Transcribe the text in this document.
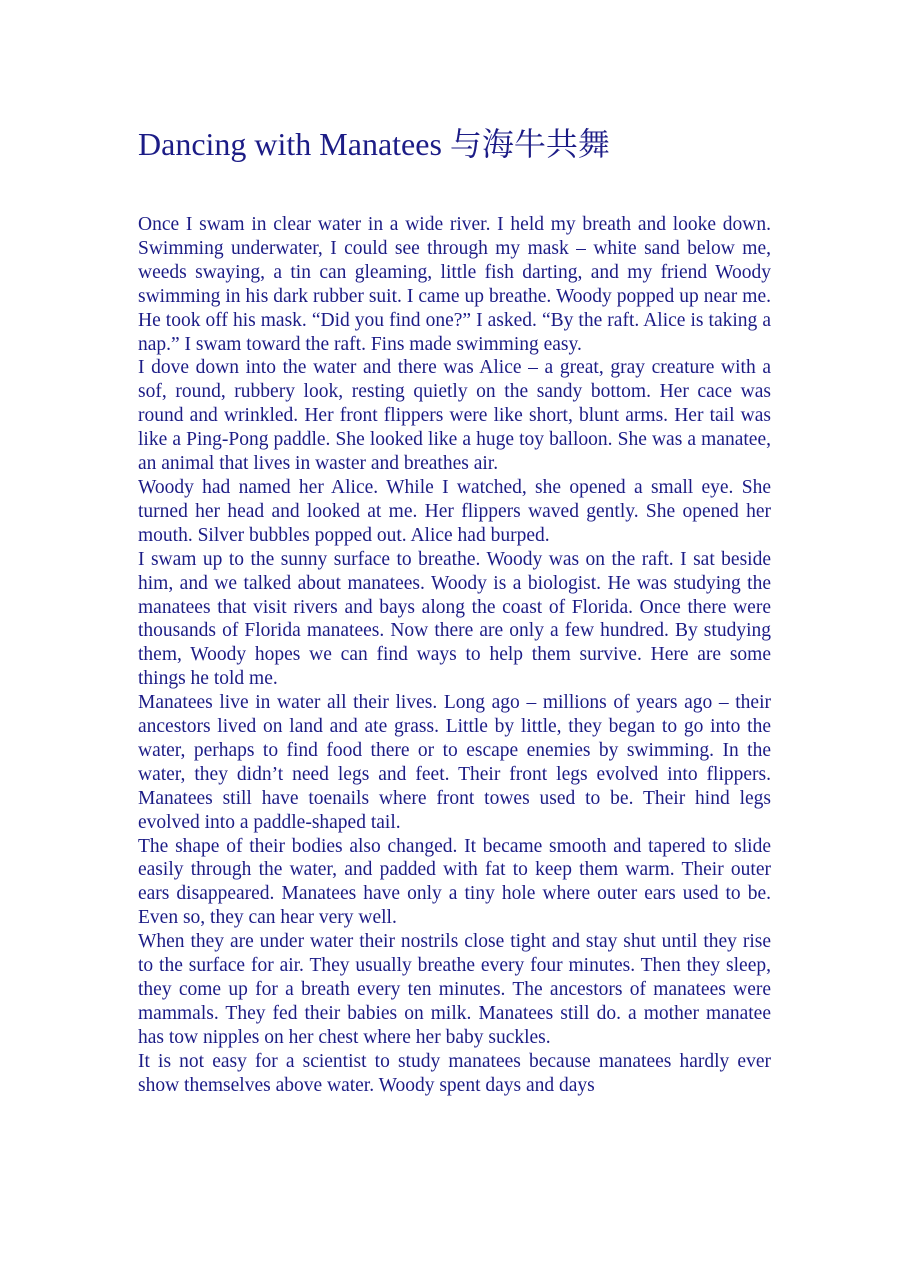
Dancing with Manatees 与海牛共舞

Once I swam in clear water in a wide river. I held my breath and looke down. Swimming underwater, I could see through my mask – white sand below me, weeds swaying, a tin can gleaming, little fish darting, and my friend Woody swimming in his dark rubber suit. I came up breathe. Woody popped up near me. He took off his mask. “Did you find one?” I asked. “By the raft. Alice is taking a nap.” I swam toward the raft. Fins made swimming easy.

I dove down into the water and there was Alice – a great, gray creature with a sof, round, rubbery look, resting quietly on the sandy bottom. Her cace was round and wrinkled. Her front flippers were like short, blunt arms. Her tail was like a Ping-Pong paddle. She looked like a huge toy balloon. She was a manatee, an animal that lives in waster and breathes air.

Woody had named her Alice. While I watched, she opened a small eye. She turned her head and looked at me. Her flippers waved gently. She opened her mouth. Silver bubbles popped out. Alice had burped.

I swam up to the sunny surface to breathe. Woody was on the raft. I sat beside him, and we talked about manatees. Woody is a biologist. He was studying the manatees that visit rivers and bays along the coast of Florida. Once there were thousands of Florida manatees. Now there are only a few hundred. By studying them, Woody hopes we can find ways to help them survive. Here are some things he told me.

Manatees live in water all their lives. Long ago – millions of years ago – their ancestors lived on land and ate grass. Little by little, they began to go into the water, perhaps to find food there or to escape enemies by swimming. In the water, they didn’t need legs and feet. Their front legs evolved into flippers. Manatees still have toenails where front towes used to be. Their hind legs evolved into a paddle-shaped tail.

The shape of their bodies also changed. It became smooth and tapered to slide easily through the water, and padded with fat to keep them warm. Their outer ears disappeared. Manatees have only a tiny hole where outer ears used to be. Even so, they can hear very well.

When they are under water their nostrils close tight and stay shut until they rise to the surface for air. They usually breathe every four minutes. Then they sleep, they come up for a breath every ten minutes. The ancestors of manatees were mammals. They fed their babies on milk. Manatees still do. a mother manatee has tow nipples on her chest where her baby suckles.

It is not easy for a scientist to study manatees because manatees hardly ever show themselves above water. Woody spent days and days
